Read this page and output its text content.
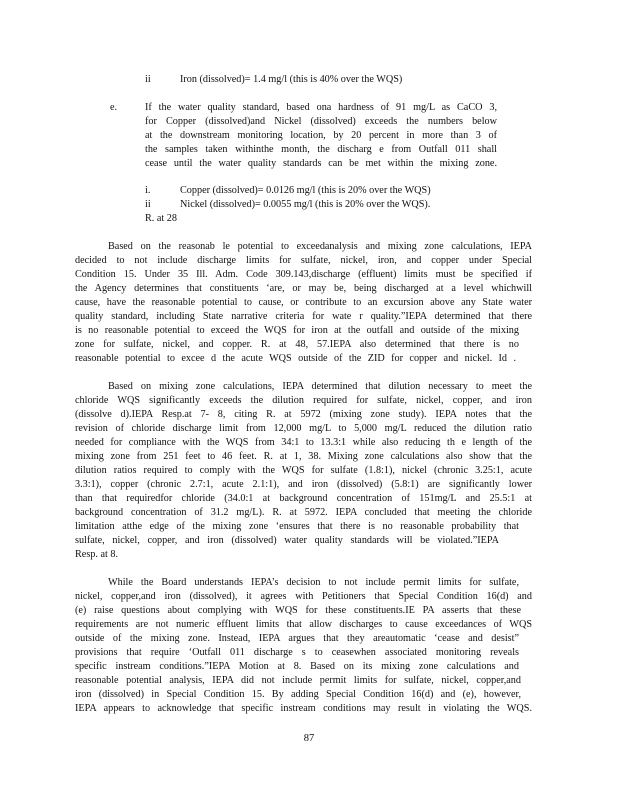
ii	Iron (dissolved)= 1.4 mg/l (this is 40% over the WQS)
e.	If the water quality standard, based ona hardness of 91 mg/L as CaCO 3,
for Copper (dissolved)and Nickel (dissolved) exceeds the numbers below
at the downstream monitoring location, by 20 percent in more than 3 of
the samples taken withinthe month, the discharg e from Outfall 011 shall
cease until the water quality standards can be met within the mixing zone.
i.	Copper (dissolved)= 0.0126 mg/l (this is 20% over the WQS)
ii	Nickel (dissolved)= 0.0055 mg/l (this is 20% over the WQS).
R. at 28
Based on the reasonab le potential to exceedanalysis and mixing zone calculations, IEPA
decided to not include discharge limits for sulfate, nickel, iron, and copper under Special
Condition 15. Under 35 Ill. Adm. Code 309.143,discharge (effluent) limits must be specified if
the Agency determines that constituents ‘are, or may be, being discharged at a level whichwill
cause, have the reasonable potential to cause, or contribute to an excursion above any State water
quality standard, including State narrative criteria for wate r quality.”IEPA determined that there
is no reasonable potential to exceed the WQS for iron at the outfall and outside of the mixing
zone for sulfate, nickel, and copper. R. at 48, 57.IEPA also determined that there is no
reasonable potential to excee d the acute WQS outside of the ZID for copper and nickel. Id .
Based on mixing zone calculations, IEPA determined that dilution necessary to meet the
chloride WQS significantly exceeds the dilution required for sulfate, nickel, copper, and iron
(dissolve d).IEPA Resp.at 7- 8, citing R. at 5972 (mixing zone study). IEPA notes that the
revision of chloride discharge limit from 12,000 mg/L to 5,000 mg/L reduced the dilution ratio
needed for compliance with the WQS from 34:1 to 13.3:1 while also reducing th e length of the
mixing zone from 251 feet to 46 feet. R. at 1, 38. Mixing zone calculations also show that the
dilution ratios required to comply with the WQS for sulfate (1.8:1), nickel (chronic 3.25:1, acute
3.3:1), copper (chronic 2.7:1, acute 2.1:1), and iron (dissolved) (5.8:1) are significantly lower
than that requiredfor chloride (34.0:1 at background concentration of 151mg/L and 25.5:1 at
background concentration of 31.2 mg/L). R. at 5972. IEPA concluded that meeting the chloride
limitation atthe edge of the mixing zone ‘ensures that there is no reasonable probability that
sulfate, nickel, copper, and iron (dissolved) water quality standards will be violated.”IEPA
Resp. at 8.
While the Board understands IEPA’s decision to not include permit limits for sulfate,
nickel, copper,and iron (dissolved), it agrees with Petitioners that Special Condition 16(d) and
(e) raise questions about complying with WQS for these constituents.IE PA asserts that these
requirements are not numeric effluent limits that allow discharges to cause exceedances of WQS
outside of the mixing zone. Instead, IEPA argues that they areautomatic ‘cease and desist”
provisions that require ‘Outfall 011 discharge s to ceasewhen associated monitoring reveals
specific instream conditions.”IEPA Motion at 8. Based on its mixing zone calculations and
reasonable potential analysis, IEPA did not include permit limits for sulfate, nickel, copper,and
iron (dissolved) in Special Condition 15. By adding Special Condition 16(d) and (e), however,
IEPA appears to acknowledge that specific instream conditions may result in violating the WQS.
87
